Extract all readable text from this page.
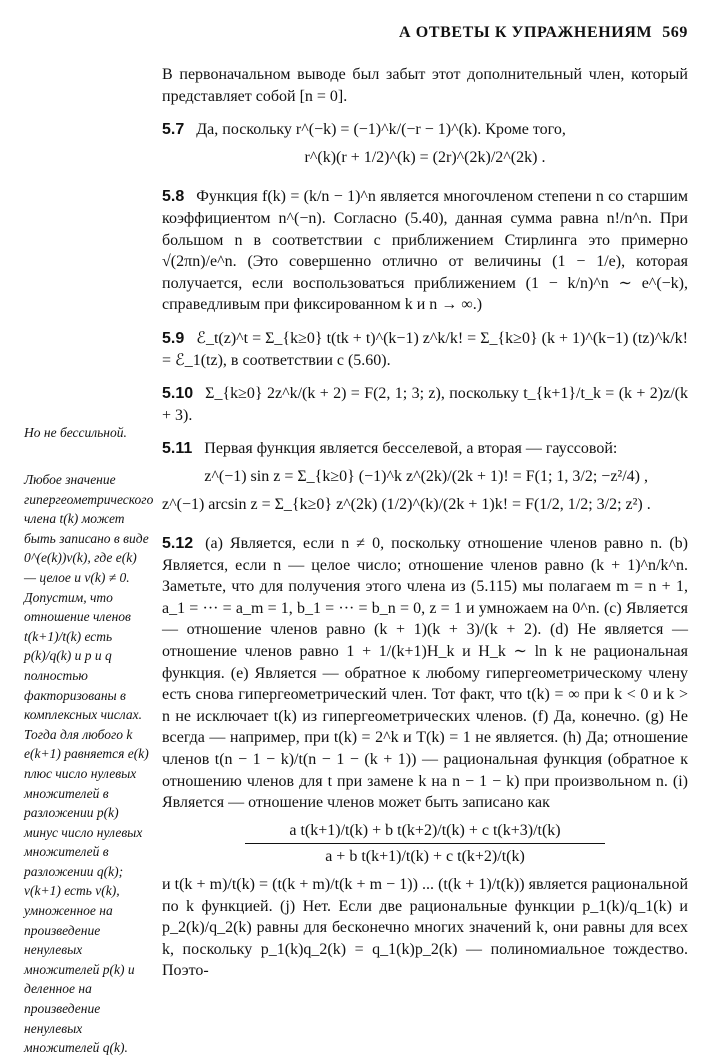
А ОТВЕТЫ К УПРАЖНЕНИЯМ 569
Но не бессильной.
Любое значение гипергеометрического члена t(k) может быть записано в виде 0^(e(k))v(k), где e(k) — целое и v(k) ≠ 0. Допустим, что отношение членов t(k+1)/t(k) есть p(k)/q(k) и p и q полностью факторизованы в комплексных числах. Тогда для любого k e(k+1) равняется e(k) плюс число нулевых множителей в разложении p(k) минус число нулевых множителей в разложении q(k); v(k+1) есть v(k), умноженное на произведение ненулевых множителей p(k) и деленное на произведение ненулевых множителей q(k).

В первоначальном выводе был забыт этот дополнительный член, который представляет собой [n = 0].

5.7 Да, поскольку r^(−k) = (−1)^k/(−r − 1)^(k). Кроме того,

r^(k)(r + 1/2)^(k) = (2r)^(2k)/2^(2k) .

5.8 Функция f(k) = (k/n − 1)^n является многочленом степени n со старшим коэффициентом n^(−n). Согласно (5.40), данная сумма равна n!/n^n. При большом n в соответствии с приближением Стирлинга это примерно √(2πn)/e^n. (Это совершенно отлично от величины (1 − 1/e), которая получается, если воспользоваться приближением (1 − k/n)^n ∼ e^(−k), справедливым при фиксированном k и n → ∞.)

5.9 ℰ_t(z)^t = Σ_{k≥0} t(tk + t)^(k−1) z^k/k! = Σ_{k≥0} (k + 1)^(k−1) (tz)^k/k! = ℰ_1(tz), в соответствии с (5.60).

5.10 Σ_{k≥0} 2z^k/(k + 2) = F(2, 1; 3; z), поскольку t_{k+1}/t_k = (k + 2)z/(k + 3).

5.11 Первая функция является бесселевой, а вторая — гауссовой:

z^(−1) sin z = Σ_{k≥0} (−1)^k z^(2k)/(2k + 1)! = F(1; 1, 3/2; −z²/4) ,
z^(−1) arcsin z = Σ_{k≥0} z^(2k) (1/2)^(k)/(2k + 1)k! = F(1/2, 1/2; 3/2; z²) .

5.12 (a) Является, если n ≠ 0, поскольку отношение членов равно n. (b) Является, если n — целое число; отношение членов равно (k + 1)^n/k^n. Заметьте, что для получения этого члена из (5.115) мы полагаем m = n + 1, a_1 = ··· = a_m = 1, b_1 = ··· = b_n = 0, z = 1 и умножаем на 0^n. (c) Является — отношение членов равно (k + 1)(k + 3)/(k + 2). (d) Не является — отношение членов равно 1 + 1/(k+1)H_k и H_k ∼ ln k не рациональная функция. (e) Является — обратное к любому гипергеометрическому члену есть снова гипергеометрический член. Тот факт, что t(k) = ∞ при k < 0 и k > n не исключает t(k) из гипергеометрических членов. (f) Да, конечно. (g) Не всегда — например, при t(k) = 2^k и T(k) = 1 не является. (h) Да; отношение членов t(n − 1 − k)/t(n − 1 − (k + 1)) — рациональная функция (обратное к отношению членов для t при замене k на n − 1 − k) при произвольном n. (i) Является — отношение членов может быть записано как

a t(k+1)/t(k) + b t(k+2)/t(k) + c t(k+3)/t(k)
a + b t(k+1)/t(k) + c t(k+2)/t(k)

и t(k + m)/t(k) = (t(k + m)/t(k + m − 1)) ... (t(k + 1)/t(k)) является рациональной по k функцией. (j) Нет. Если две рациональные функции p_1(k)/q_1(k) и p_2(k)/q_2(k) равны для бесконечно многих значений k, они равны для всех k, поскольку p_1(k)q_2(k) = q_1(k)p_2(k) — полиномиальное тождество. Поэто-
